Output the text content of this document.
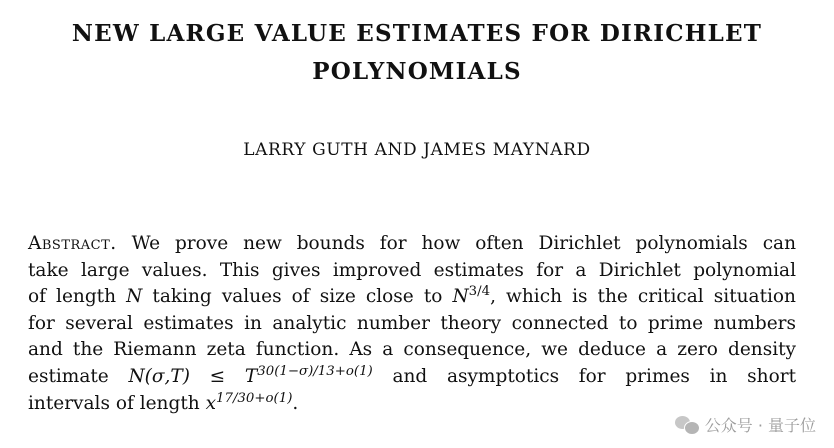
NEW LARGE VALUE ESTIMATES FOR DIRICHLET
POLYNOMIALS
LARRY GUTH AND JAMES MAYNARD
Abstract. We prove new bounds for how often Dirichlet polynomials can
take large values. This gives improved estimates for a Dirichlet polynomial
of length N taking values of size close to $N^{3/4}$, which is the critical situation
for several estimates in analytic number theory connected to prime numbers
and the Riemann zeta function. As a consequence, we deduce a zero density
estimate $N(\sigma,T) \le T^{30(1-\sigma)/13+o(1)}$ and asymptotics for primes in short
intervals of length $x^{17/30+o(1)}$.
公众号 · 量子位
